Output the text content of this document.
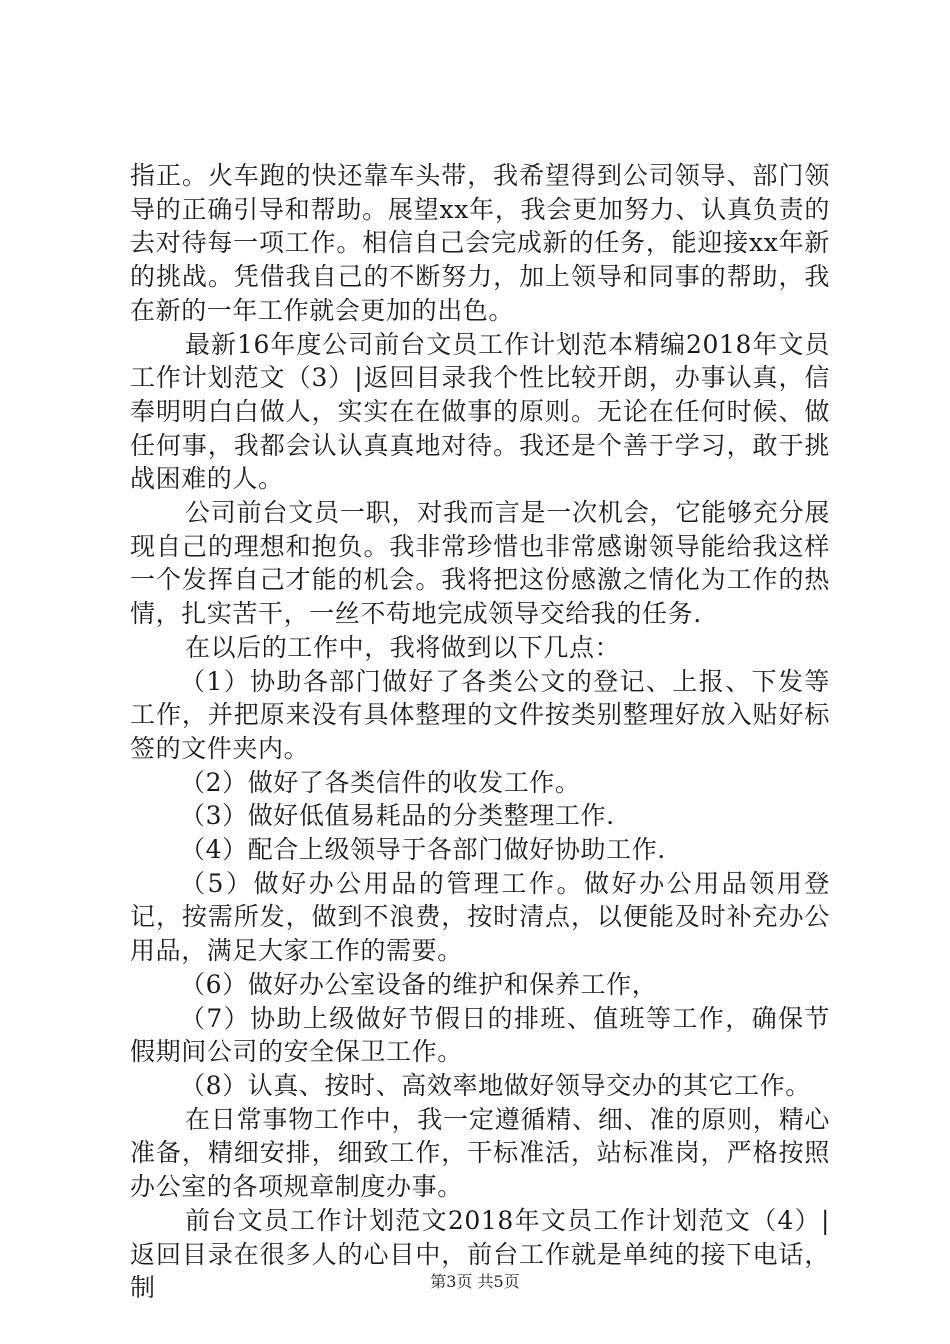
指正。火车跑的快还靠车头带，我希望得到公司领导、部门领导的正确引导和帮助。展望xx年，我会更加努力、认真负责的去对待每一项工作。相信自己会完成新的任务，能迎接xx年新的挑战。凭借我自己的不断努力，加上领导和同事的帮助，我在新的一年工作就会更加的出色。

最新16年度公司前台文员工作计划范本精编2018年文员工作计划范文（3）|返回目录我个性比较开朗，办事认真，信奉明明白白做人，实实在在做事的原则。无论在任何时候、做任何事，我都会认认真真地对待。我还是个善于学习，敢于挑战困难的人。

公司前台文员一职，对我而言是一次机会，它能够充分展现自己的理想和抱负。我非常珍惜也非常感谢领导能给我这样一个发挥自己才能的机会。我将把这份感激之情化为工作的热情，扎实苦干，一丝不苟地完成领导交给我的任务.

在以后的工作中，我将做到以下几点：

（1）协助各部门做好了各类公文的登记、上报、下发等工作，并把原来没有具体整理的文件按类别整理好放入贴好标签的文件夹内。

（2）做好了各类信件的收发工作。

（3）做好低值易耗品的分类整理工作.

（4）配合上级领导于各部门做好协助工作.

（5）做好办公用品的管理工作。做好办公用品领用登记，按需所发，做到不浪费，按时清点，以便能及时补充办公用品，满足大家工作的需要。

（6）做好办公室设备的维护和保养工作，

（7）协助上级做好节假日的排班、值班等工作，确保节假期间公司的安全保卫工作。

（8）认真、按时、高效率地做好领导交办的其它工作。

在日常事物工作中，我一定遵循精、细、准的原则，精心准备，精细安排，细致工作，干标准活，站标准岗，严格按照办公室的各项规章制度办事。

前台文员工作计划范文2018年文员工作计划范文（4）|返回目录在很多人的心目中，前台工作就是单纯的接下电话，制	第3页 共5页
